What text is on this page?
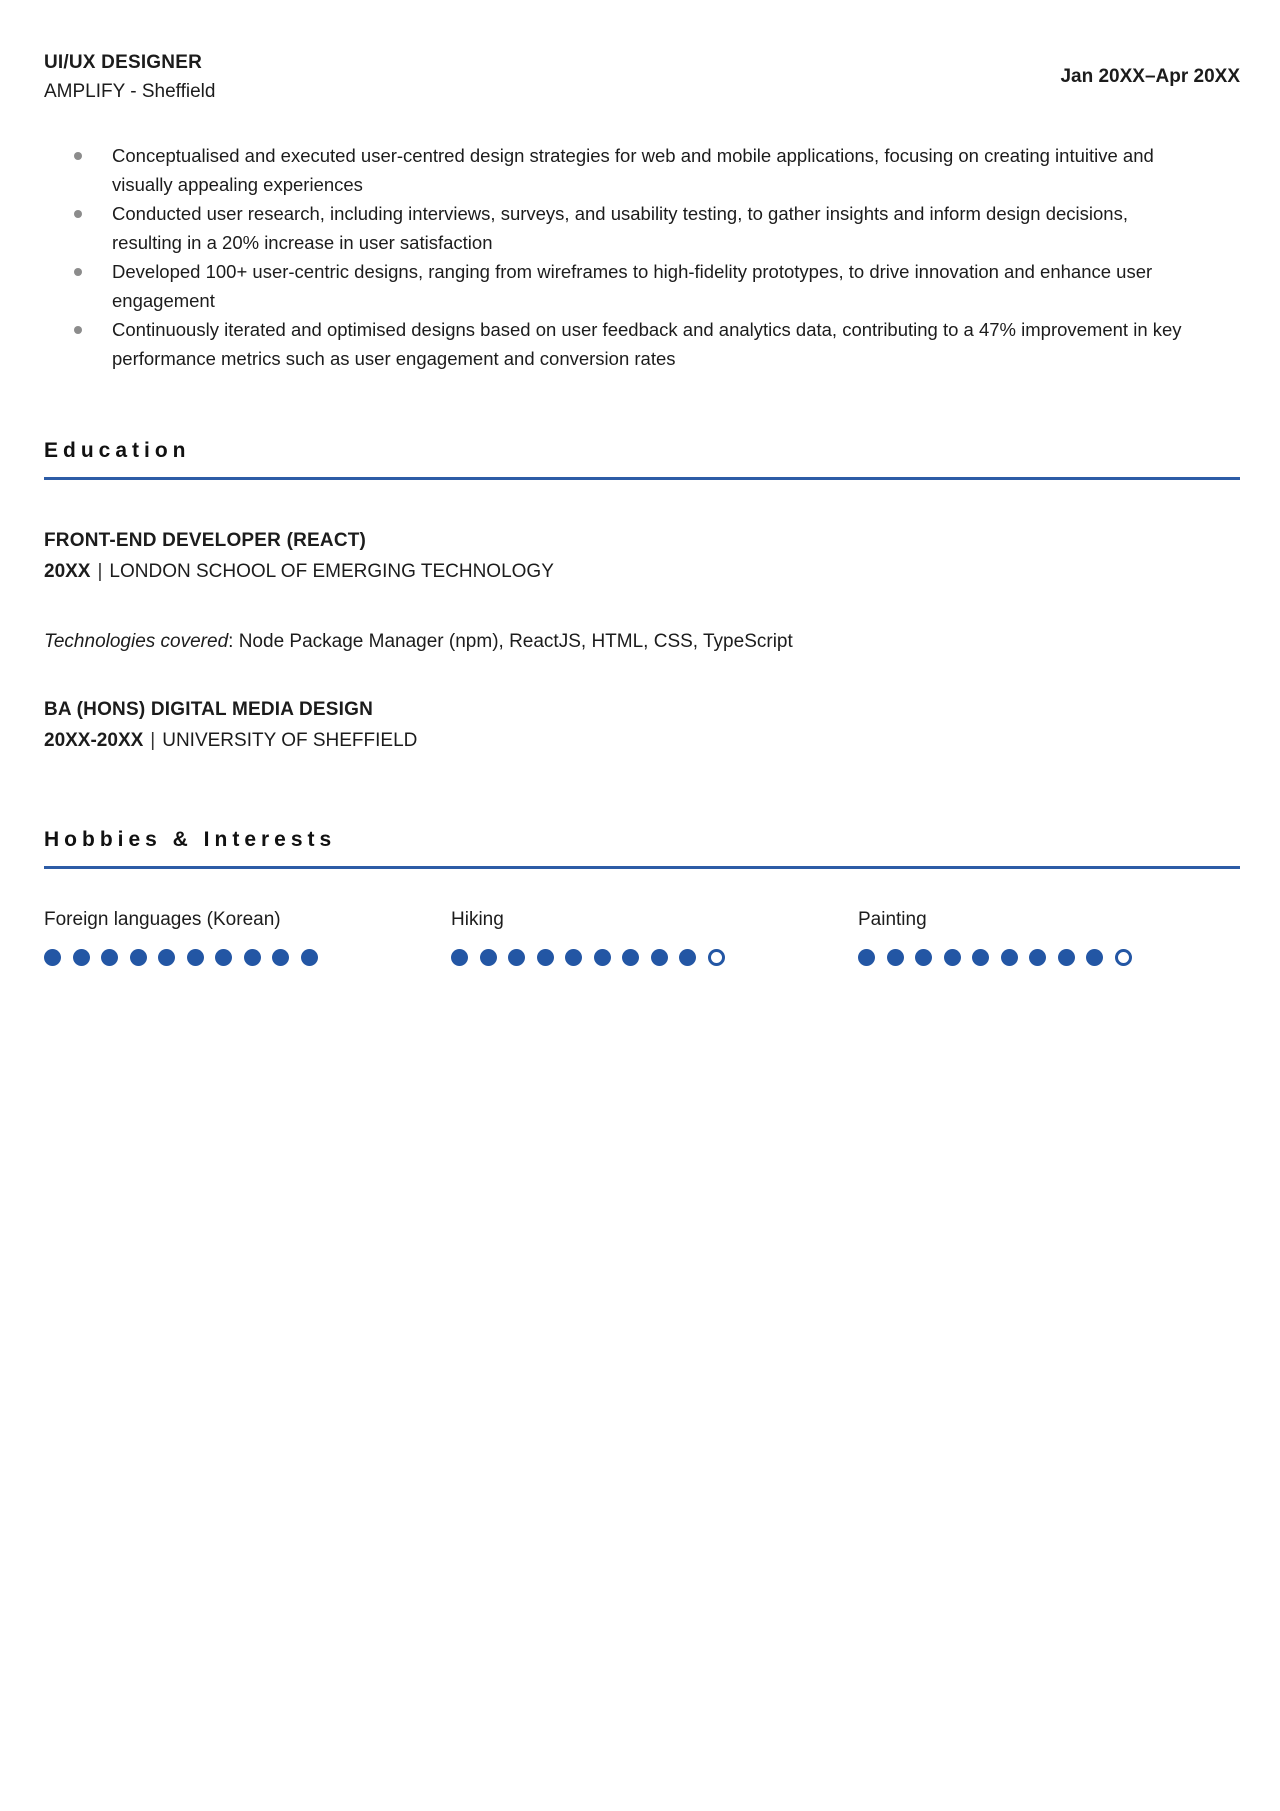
UI/UX DESIGNER
AMPLIFY - Sheffield
Jan 20XX–Apr 20XX
Conceptualised and executed user-centred design strategies for web and mobile applications, focusing on creating intuitive and visually appealing experiences
Conducted user research, including interviews, surveys, and usability testing, to gather insights and inform design decisions, resulting in a 20% increase in user satisfaction
Developed 100+ user-centric designs, ranging from wireframes to high-fidelity prototypes, to drive innovation and enhance user engagement
Continuously iterated and optimised designs based on user feedback and analytics data, contributing to a 47% improvement in key performance metrics such as user engagement and conversion rates
Education
FRONT-END DEVELOPER (REACT)
20XX | LONDON SCHOOL OF EMERGING TECHNOLOGY
Technologies covered: Node Package Manager (npm), ReactJS, HTML, CSS, TypeScript
BA (HONS) DIGITAL MEDIA DESIGN
20XX-20XX | UNIVERSITY OF SHEFFIELD
Hobbies & Interests
Foreign languages (Korean)	Hiking	Painting
